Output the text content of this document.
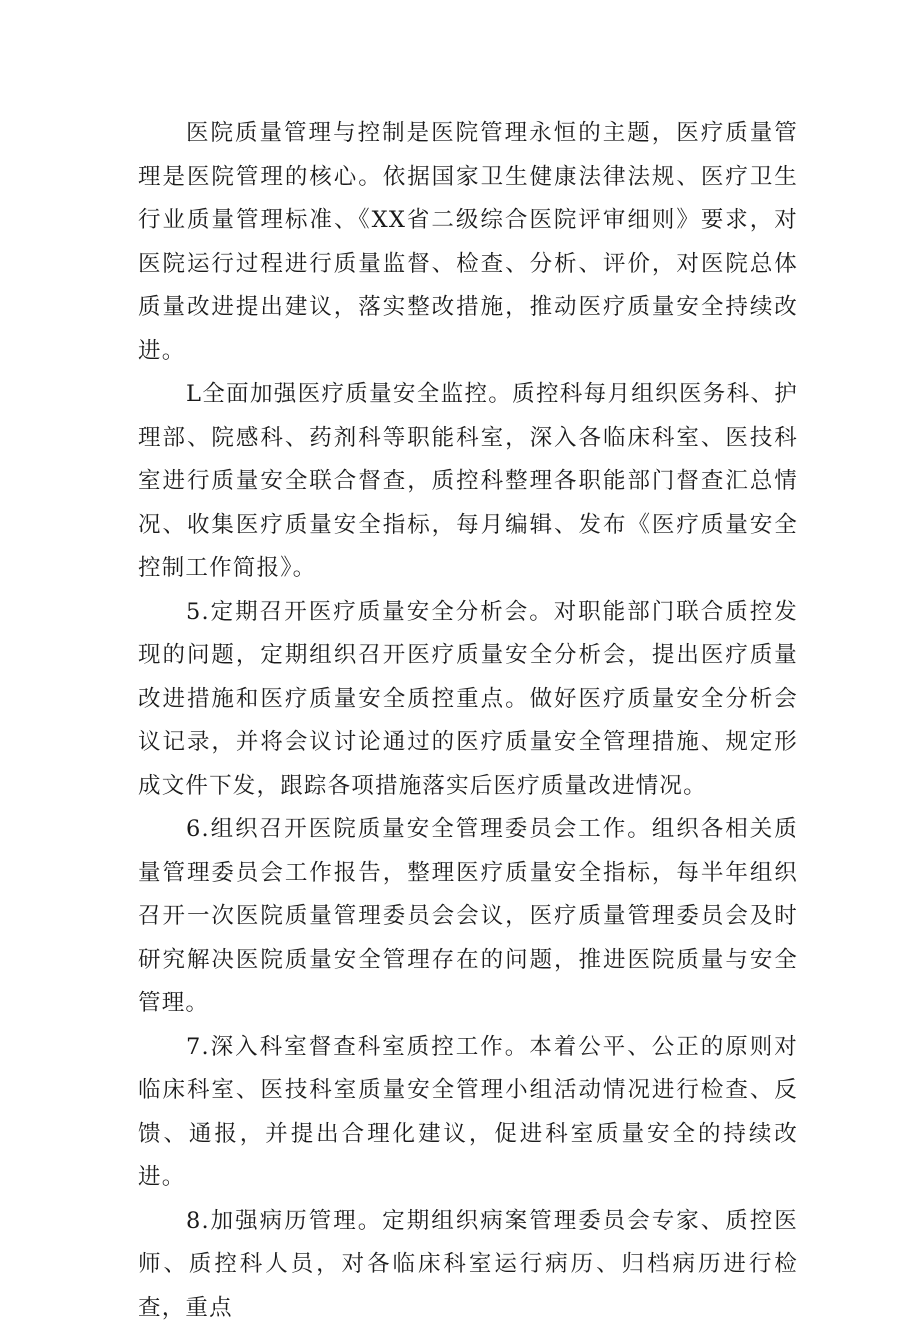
医院质量管理与控制是医院管理永恒的主题，医疗质量管理是医院管理的核心。依据国家卫生健康法律法规、医疗卫生行业质量管理标准、《XX省二级综合医院评审细则》要求，对医院运行过程进行质量监督、检查、分析、评价，对医院总体质量改进提出建议，落实整改措施，推动医疗质量安全持续改进。

L全面加强医疗质量安全监控。质控科每月组织医务科、护理部、院感科、药剂科等职能科室，深入各临床科室、医技科室进行质量安全联合督查，质控科整理各职能部门督查汇总情况、收集医疗质量安全指标，每月编辑、发布《医疗质量安全控制工作简报》。

5.定期召开医疗质量安全分析会。对职能部门联合质控发现的问题，定期组织召开医疗质量安全分析会，提出医疗质量改进措施和医疗质量安全质控重点。做好医疗质量安全分析会议记录，并将会议讨论通过的医疗质量安全管理措施、规定形成文件下发，跟踪各项措施落实后医疗质量改进情况。

6.组织召开医院质量安全管理委员会工作。组织各相关质量管理委员会工作报告，整理医疗质量安全指标，每半年组织召开一次医院质量管理委员会会议，医疗质量管理委员会及时研究解决医院质量安全管理存在的问题，推进医院质量与安全管理。

7.深入科室督查科室质控工作。本着公平、公正的原则对临床科室、医技科室质量安全管理小组活动情况进行检查、反馈、通报，并提出合理化建议，促进科室质量安全的持续改进。

8.加强病历管理。定期组织病案管理委员会专家、质控医师、质控科人员，对各临床科室运行病历、归档病历进行检查，重点
